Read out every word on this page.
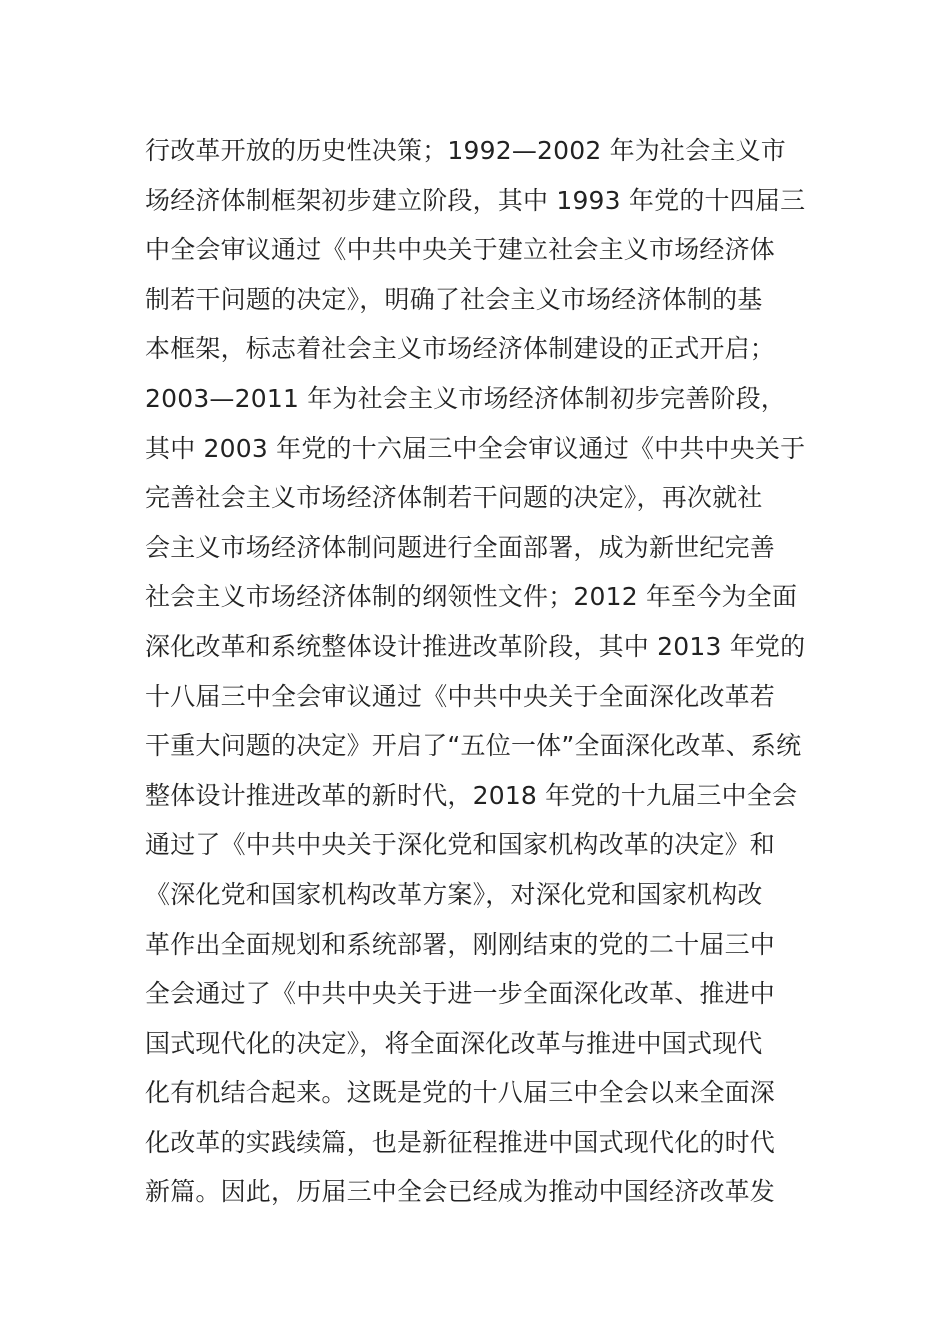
行改革开放的历史性决策；1992—2002 年为社会主义市
场经济体制框架初步建立阶段，其中 1993 年党的十四届三
中全会审议通过《中共中央关于建立社会主义市场经济体
制若干问题的决定》，明确了社会主义市场经济体制的基
本框架，标志着社会主义市场经济体制建设的正式开启；
2003—2011 年为社会主义市场经济体制初步完善阶段，
其中 2003 年党的十六届三中全会审议通过《中共中央关于
完善社会主义市场经济体制若干问题的决定》，再次就社
会主义市场经济体制问题进行全面部署，成为新世纪完善
社会主义市场经济体制的纲领性文件；2012 年至今为全面
深化改革和系统整体设计推进改革阶段，其中 2013 年党的
十八届三中全会审议通过《中共中央关于全面深化改革若
干重大问题的决定》开启了“五位一体”全面深化改革、系统
整体设计推进改革的新时代，2018 年党的十九届三中全会
通过了《中共中央关于深化党和国家机构改革的决定》和
《深化党和国家机构改革方案》，对深化党和国家机构改
革作出全面规划和系统部署，刚刚结束的党的二十届三中
全会通过了《中共中央关于进一步全面深化改革、推进中
国式现代化的决定》，将全面深化改革与推进中国式现代
化有机结合起来。这既是党的十八届三中全会以来全面深
化改革的实践续篇，也是新征程推进中国式现代化的时代
新篇。因此，历届三中全会已经成为推动中国经济改革发
